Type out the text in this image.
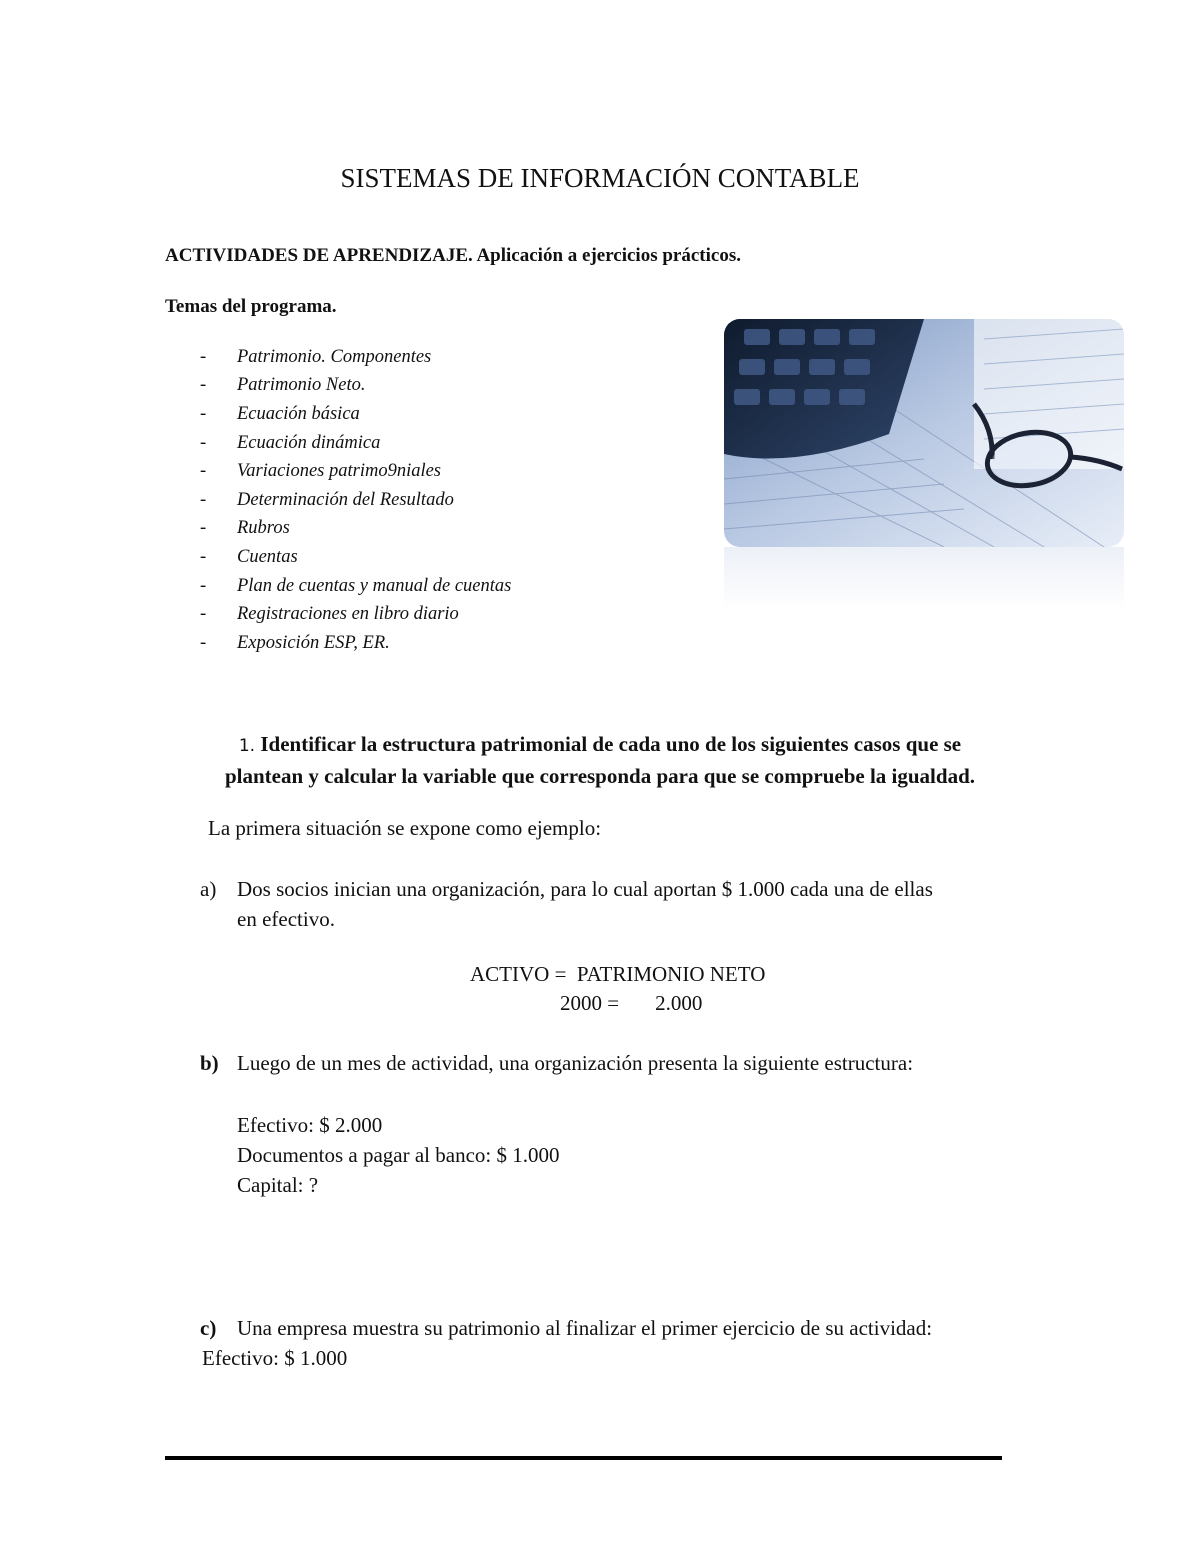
SISTEMAS DE INFORMACIÓN CONTABLE
ACTIVIDADES DE APRENDIZAJE. Aplicación a ejercicios prácticos.
Temas del programa.
-	Patrimonio. Componentes
-	Patrimonio Neto.
-	Ecuación básica
-	Ecuación dinámica
-	Variaciones patrimo9niales
-	Determinación del Resultado
-	Rubros
-	Cuentas
-	Plan de cuentas y manual de cuentas
-	Registraciones en libro diario
-	Exposición ESP, ER.
1. Identificar la estructura patrimonial de cada uno de los siguientes casos que se
plantean y calcular la variable que corresponda para que se compruebe la igualdad.
La primera situación se expone como ejemplo:
a) Dos socios inician una organización, para lo cual aportan $ 1.000 cada una de ellas
en efectivo.
ACTIVO = PATRIMONIO NETO
2000 = 2.000
b) Luego de un mes de actividad, una organización presenta la siguiente estructura:
Efectivo: $ 2.000
Documentos a pagar al banco: $ 1.000
Capital: ?
c) Una empresa muestra su patrimonio al finalizar el primer ejercicio de su actividad:
Efectivo: $ 1.000
